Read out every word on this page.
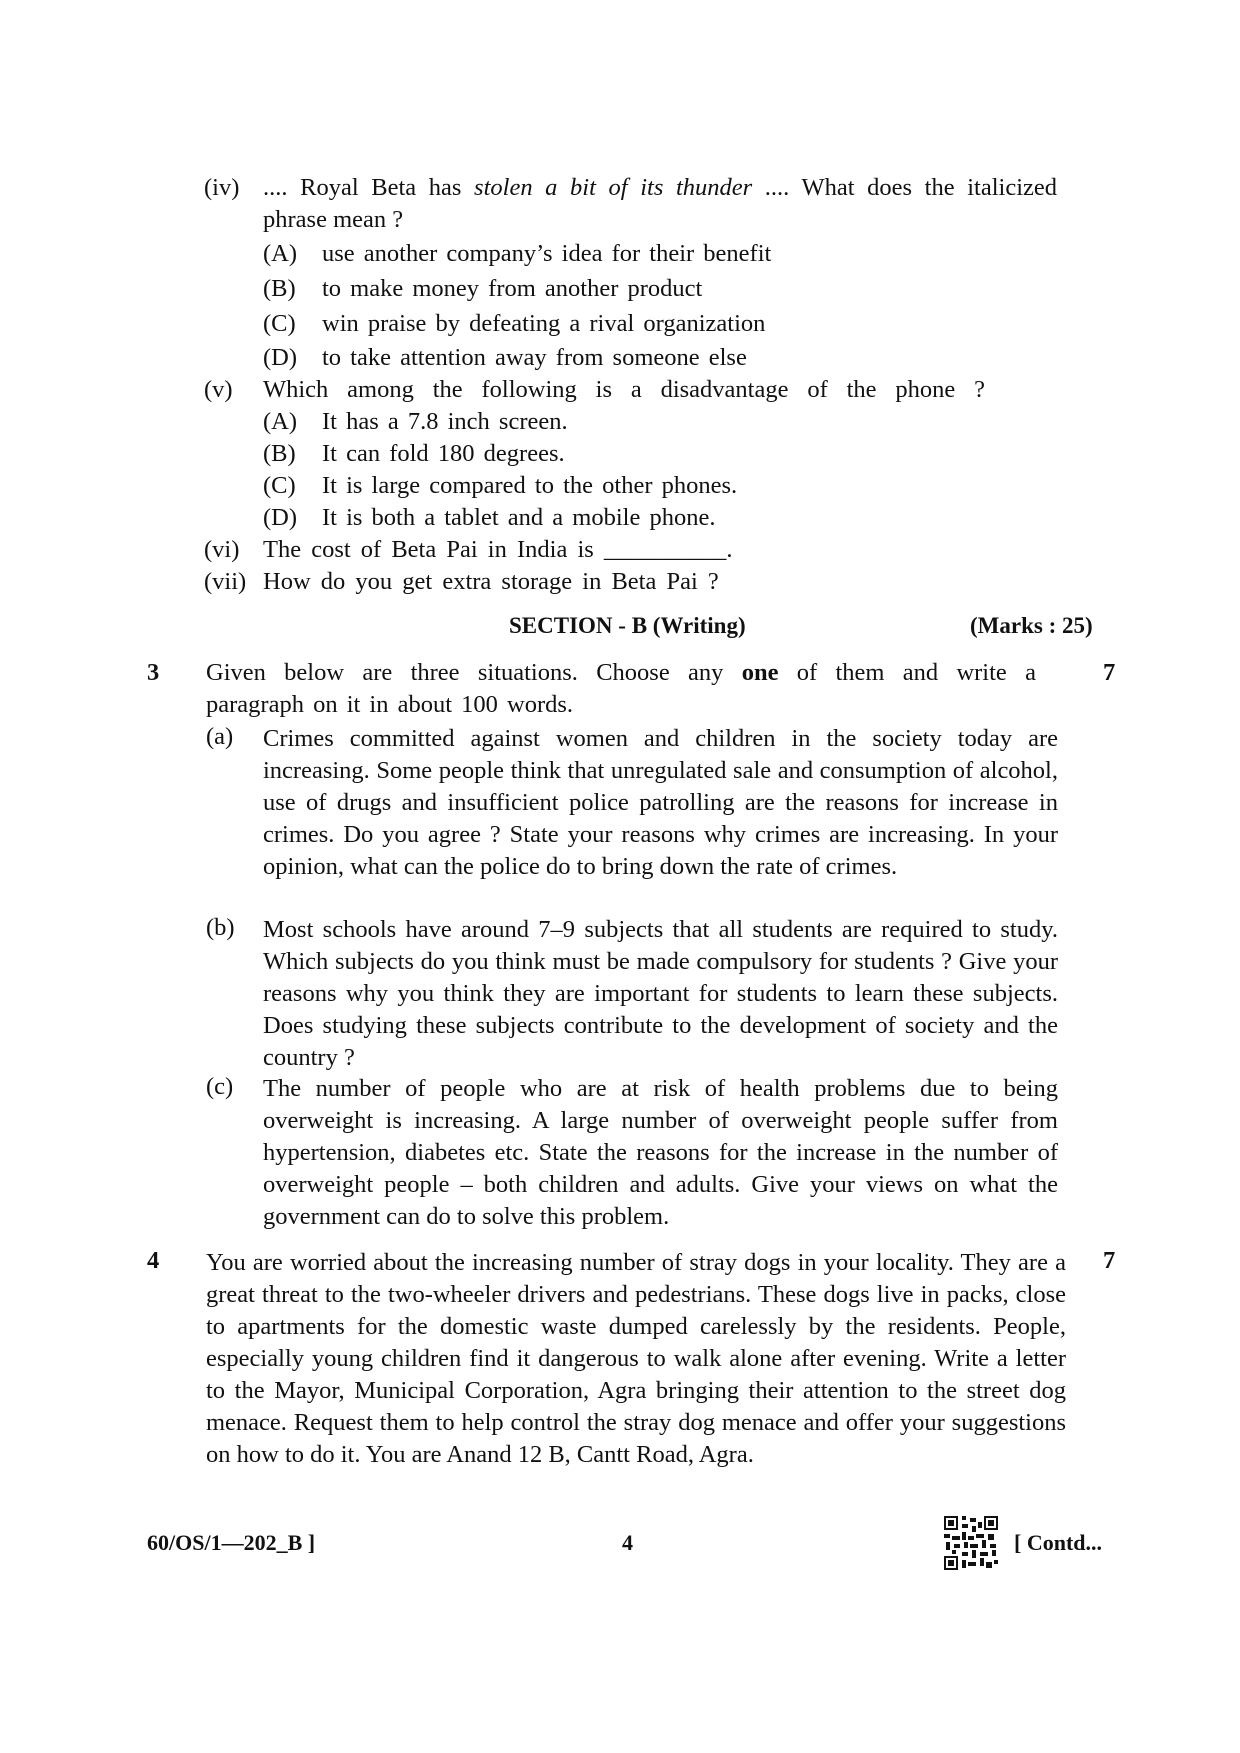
(iv) .... Royal Beta has stolen a bit of its thunder .... What does the italicized
phrase mean ?
(A) use another company’s idea for their benefit
(B) to make money from another product
(C) win praise by defeating a rival organization
(D) to take attention away from someone else
(v) Which among the following is a disadvantage of the phone ?
(A) It has a 7.8 inch screen.
(B) It can fold 180 degrees.
(C) It is large compared to the other phones.
(D) It is both a tablet and a mobile phone.
(vi) The cost of Beta Pai in India is __________.
(vii) How do you get extra storage in Beta Pai ?
SECTION - B (Writing)	(Marks : 25)
3	7
Given below are three situations. Choose any one of them and write a
paragraph on it in about 100 words.
(a) Crimes committed against women and children in the society today are increasing. Some people think that unregulated sale and consumption of alcohol, use of drugs and insufficient police patrolling are the reasons for increase in crimes. Do you agree ? State your reasons why crimes are increasing. In your opinion, what can the police do to bring down the rate of crimes.
(b) Most schools have around 7–9 subjects that all students are required to study. Which subjects do you think must be made compulsory for students ? Give your reasons why you think they are important for students to learn these subjects. Does studying these subjects contribute to the development of society and the country ?
(c) The number of people who are at risk of health problems due to being overweight is increasing. A large number of overweight people suffer from hypertension, diabetes etc. State the reasons for the increase in the number of overweight people – both children and adults. Give your views on what the government can do to solve this problem.
4	7
You are worried about the increasing number of stray dogs in your locality. They are a great threat to the two-wheeler drivers and pedestrians. These dogs live in packs, close to apartments for the domestic waste dumped carelessly by the residents. People, especially young children find it dangerous to walk alone after evening. Write a letter to the Mayor, Municipal Corporation, Agra bringing their attention to the street dog menace. Request them to help control the stray dog menace and offer your suggestions on how to do it. You are Anand 12 B, Cantt Road, Agra.
60/OS/1—202_B ]	4	[ Contd...
